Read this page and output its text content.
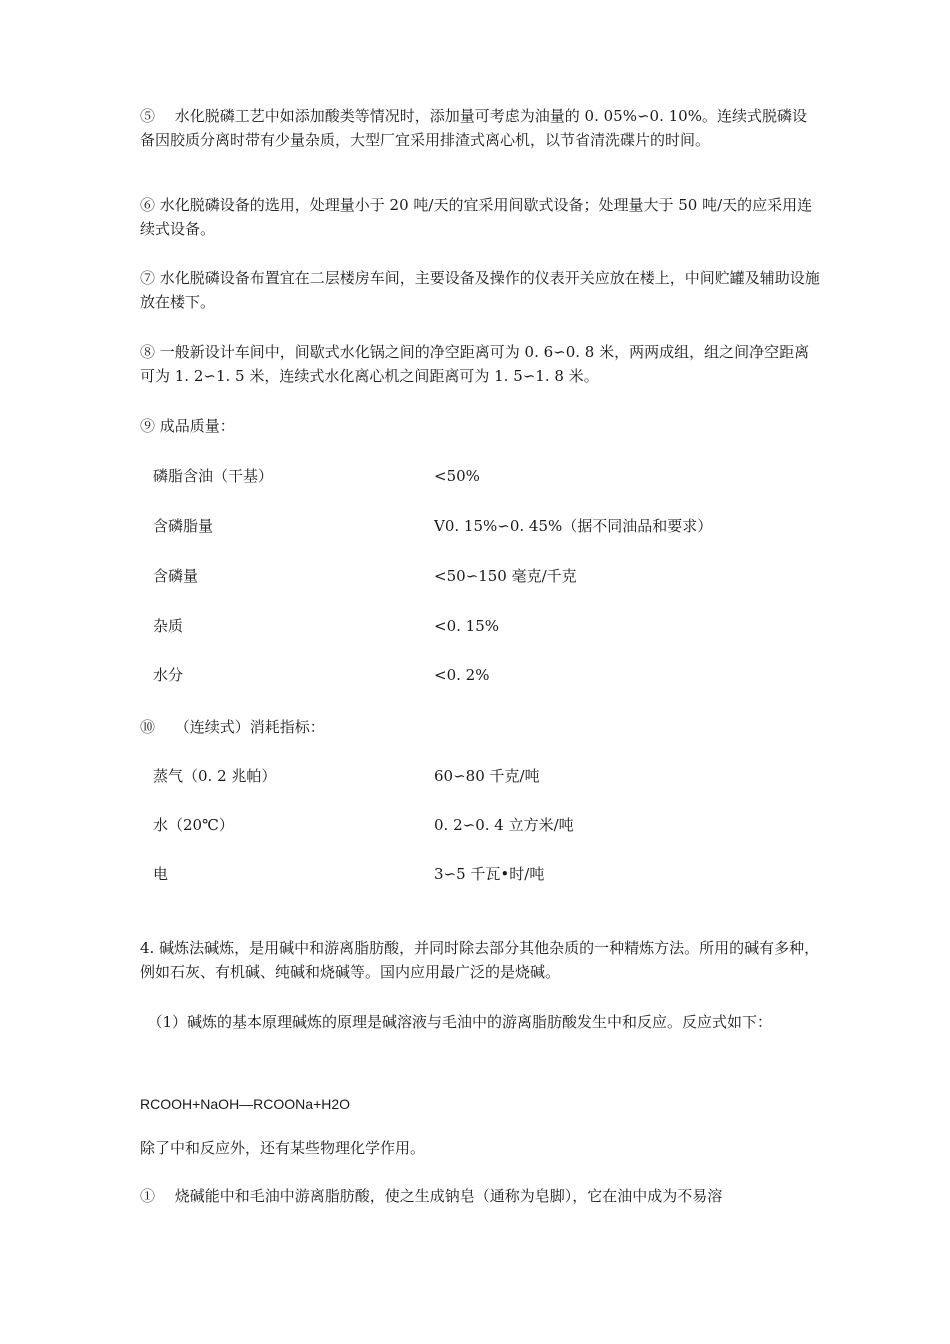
⑤　 水化脱磷工艺中如添加酸类等情况时，添加量可考虑为油量的 0. 05%∽0. 10%。连续式脱磷设备因胶质分离时带有少量杂质，大型厂宜采用排渣式离心机，以节省清洗碟片的时间。

⑥ 水化脱磷设备的选用，处理量小于 20 吨/天的宜采用间歇式设备；处理量大于 50 吨/天的应采用连续式设备。

⑦ 水化脱磷设备布置宜在二层楼房车间，主要设备及操作的仪表开关应放在楼上，中间贮罐及辅助设施放在楼下。

⑧ 一般新设计车间中，间歇式水化锅之间的净空距离可为 0. 6∽0. 8 米，两两成组，组之间净空距离可为 1. 2∽1. 5 米，连续式水化离心机之间距离可为 1. 5∽1. 8 米。

⑨ 成品质量：

磷脂含油（干基）	<50%
含磷脂量	V0. 15%∽0. 45%（据不同油品和要求）
含磷量	<50∽150 毫克/千克
杂质	<0. 15%
水分	<0. 2%

⑩　 （连续式）消耗指标：

蒸气（0. 2 兆帕）	60∽80 千克/吨
水（20℃）	0. 2∽0. 4 立方米/吨
电	3∽5 千瓦•时/吨

4. 碱炼法碱炼，是用碱中和游离脂肪酸，并同时除去部分其他杂质的一种精炼方法。所用的碱有多种，例如石灰、有机碱、纯碱和烧碱等。国内应用最广泛的是烧碱。

　（1）碱炼的基本原理碱炼的原理是碱溶液与毛油中的游离脂肪酸发生中和反应。反应式如下：

RCOOH+NaOH—RCOONa+H2O

除了中和反应外，还有某些物理化学作用。

①　 烧碱能中和毛油中游离脂肪酸，使之生成钠皂（通称为皂脚），它在油中成为不易溶
